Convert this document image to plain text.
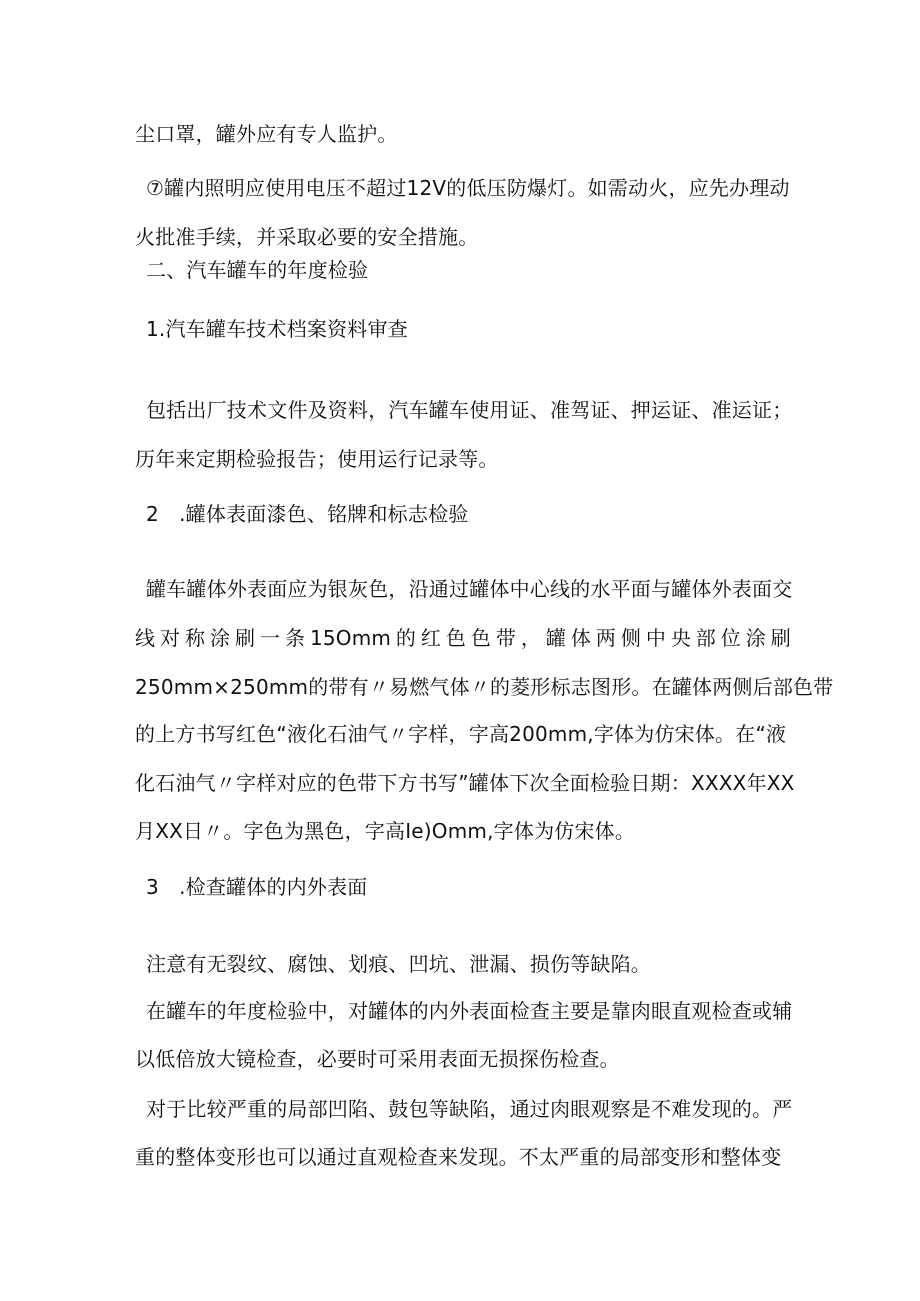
尘口罩，罐外应有专人监护。
⑦罐内照明应使用电压不超过12V的低压防爆灯。如需动火，应先办理动
火批准手续，并采取必要的安全措施。
二、汽车罐车的年度检验
1.汽车罐车技术档案资料审查
包括出厂技术文件及资料，汽车罐车使用证、准驾证、押运证、准运证；
历年来定期检验报告；使用运行记录等。
2　.罐体表面漆色、铭牌和标志检验
罐车罐体外表面应为银灰色，沿通过罐体中心线的水平面与罐体外表面交
线对称涂刷一条15Omm的红色色带，罐体两侧中央部位涂刷
250mm×250mm的带有〃易燃气体〃的菱形标志图形。在罐体两侧后部色带
的上方书写红色“液化石油气〃字样，字高200mm,字体为仿宋体。在“液
化石油气〃字样对应的色带下方书写”罐体下次全面检验日期：XXXX年XX
月XX日〃。字色为黑色，字高Ie)Omm,字体为仿宋体。
3　.检查罐体的内外表面
注意有无裂纹、腐蚀、划痕、凹坑、泄漏、损伤等缺陷。
在罐车的年度检验中，对罐体的内外表面检查主要是靠肉眼直观检查或辅
以低倍放大镜检查，必要时可采用表面无损探伤检查。
对于比较严重的局部凹陷、鼓包等缺陷，通过肉眼观察是不难发现的。严
重的整体变形也可以通过直观检查来发现。不太严重的局部变形和整体变
